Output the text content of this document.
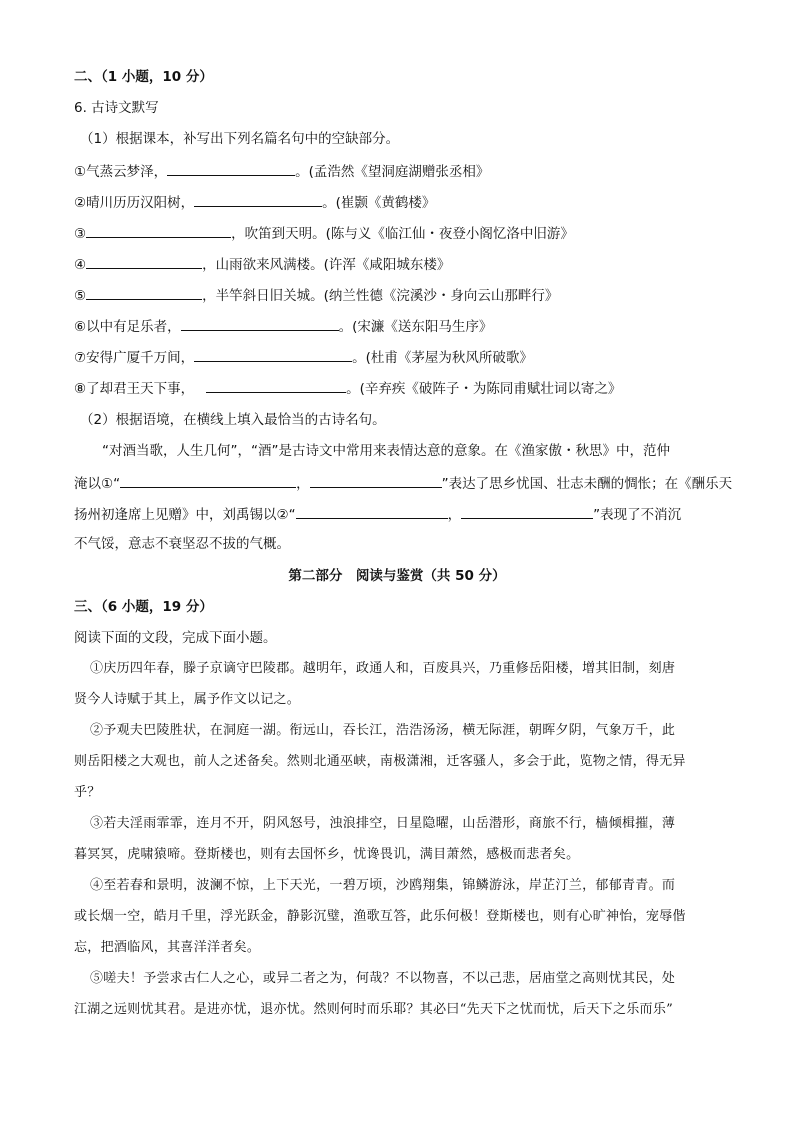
二、（1 小题，10 分）
6. 古诗文默写
（1）根据课本，补写出下列名篇名句中的空缺部分。
①气蒸云梦泽，	。(孟浩然《望洞庭湖赠张丞相》
②晴川历历汉阳树，	。(崔颢《黄鹤楼》
③	，吹笛到天明。(陈与义《临江仙・夜登小阁忆洛中旧游》
④	，山雨欲来风满楼。(许浑《咸阳城东楼》
⑤	，半竿斜日旧关城。(纳兰性德《浣溪沙・身向云山那畔行》
⑥以中有足乐者，	。(宋濂《送东阳马生序》
⑦安得广厦千万间，	。(杜甫《茅屋为秋风所破歌》
⑧了却君王天下事，	。(辛弃疾《破阵子・为陈同甫赋壮词以寄之》
（2）根据语境，在横线上填入最恰当的古诗名句。
“对酒当歌，人生几何”，“酒”是古诗文中常用来表情达意的意象。在《渔家傲・秋思》中，范仲
淹以①“	，	”表达了思乡忧国、壮志未酬的惆怅；在《酬乐天
扬州初逢席上见赠》中，刘禹锡以②“	，	”表现了不消沉
不气馁，意志不衰坚忍不拔的气概。
第二部分　阅读与鉴赏（共 50 分）
三、（6 小题，19 分）
阅读下面的文段，完成下面小题。
①庆历四年春，滕子京谪守巴陵郡。越明年，政通人和，百废具兴，乃重修岳阳楼，增其旧制，刻唐
贤今人诗赋于其上，属予作文以记之。
②予观夫巴陵胜状，在洞庭一湖。衔远山，吞长江，浩浩汤汤，横无际涯，朝晖夕阴，气象万千，此
则岳阳楼之大观也，前人之述备矣。然则北通巫峡，南极潇湘，迁客骚人，多会于此，览物之情，得无异
乎？
③若夫淫雨霏霏，连月不开，阴风怒号，浊浪排空，日星隐曜，山岳潜形，商旅不行，樯倾楫摧，薄
暮冥冥，虎啸猿啼。登斯楼也，则有去国怀乡，忧谗畏讥，满目萧然，感极而悲者矣。
④至若春和景明，波澜不惊，上下天光，一碧万顷，沙鸥翔集，锦鳞游泳，岸芷汀兰，郁郁青青。而
或长烟一空，皓月千里，浮光跃金，静影沉璧，渔歌互答，此乐何极！登斯楼也，则有心旷神怡，宠辱偕
忘，把酒临风，其喜洋洋者矣。
⑤嗟夫！予尝求古仁人之心，或异二者之为，何哉？不以物喜，不以己悲，居庙堂之高则忧其民，处
江湖之远则忧其君。是进亦忧，退亦忧。然则何时而乐耶？其必曰“先天下之忧而忧，后天下之乐而乐”
